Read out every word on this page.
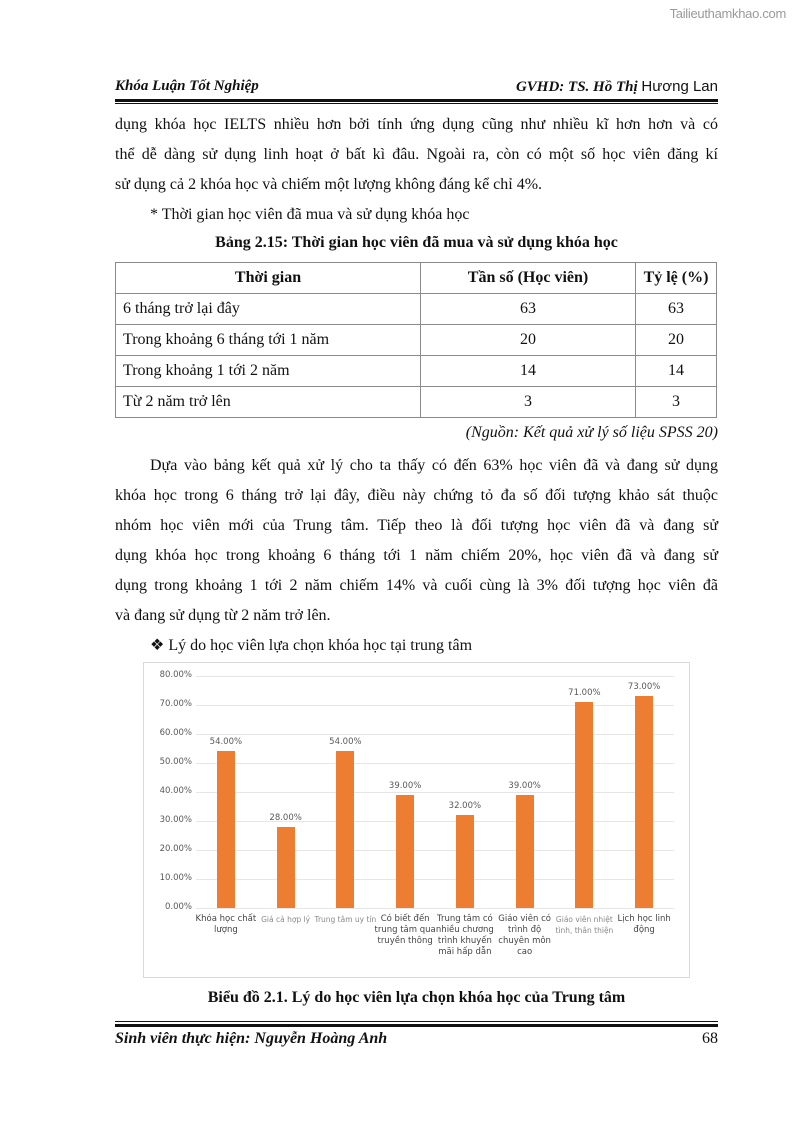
Tailieuthamkhao.com
Khóa Luận Tốt Nghiệp	GVHD: TS. Hồ Thị Hương Lan
dụng khóa học IELTS nhiều hơn bởi tính ứng dụng cũng như nhiều kĩ hơn hơn và có
thể dễ dàng sử dụng linh hoạt ở bất kì đâu. Ngoài ra, còn có một số học viên đăng kí
sử dụng cả 2 khóa học và chiếm một lượng không đáng kể chỉ 4%.
* Thời gian học viên đã mua và sử dụng khóa học
Bảng 2.15: Thời gian học viên đã mua và sử dụng khóa học
Thời gian	Tần số (Học viên)	Tỷ lệ (%)
6 tháng trở lại đây	63	63
Trong khoảng 6 tháng tới 1 năm	20	20
Trong khoảng 1 tới 2 năm	14	14
Từ 2 năm trở lên	3	3
(Nguồn: Kết quả xử lý số liệu SPSS 20)
Dựa vào bảng kết quả xử lý cho ta thấy có đến 63% học viên đã và đang sử dụng
khóa học trong 6 tháng trở lại đây, điều này chứng tỏ đa số đối tượng khảo sát thuộc
nhóm học viên mới của Trung tâm. Tiếp theo là đối tượng học viên đã và đang sử
dụng khóa học trong khoảng 6 tháng tới 1 năm chiếm 20%, học viên đã và đang sử
dụng trong khoảng 1 tới 2 năm chiếm 14% và cuối cùng là 3% đối tượng học viên đã
và đang sử dụng từ 2 năm trở lên.
❖ Lý do học viên lựa chọn khóa học tại trung tâm
0.00%
10.00%
20.00%
30.00%
40.00%
50.00%
60.00%
70.00%
80.00%
54.00%
Khóa học chất lượng
28.00%
Giá cả hợp lý
54.00%
Trung tâm uy tín
39.00%
Có biết đến trung tâm qua truyền thông
32.00%
Trung tâm có nhiều chương trình khuyến mãi hấp dẫn
39.00%
Giáo viên có trình độ chuyên môn cao
71.00%
Giáo viên nhiệt tình, thân thiện
73.00%
Lịch học linh động
Biểu đồ 2.1. Lý do học viên lựa chọn khóa học của Trung tâm
Sinh viên thực hiện: Nguyễn Hoàng Anh	68
